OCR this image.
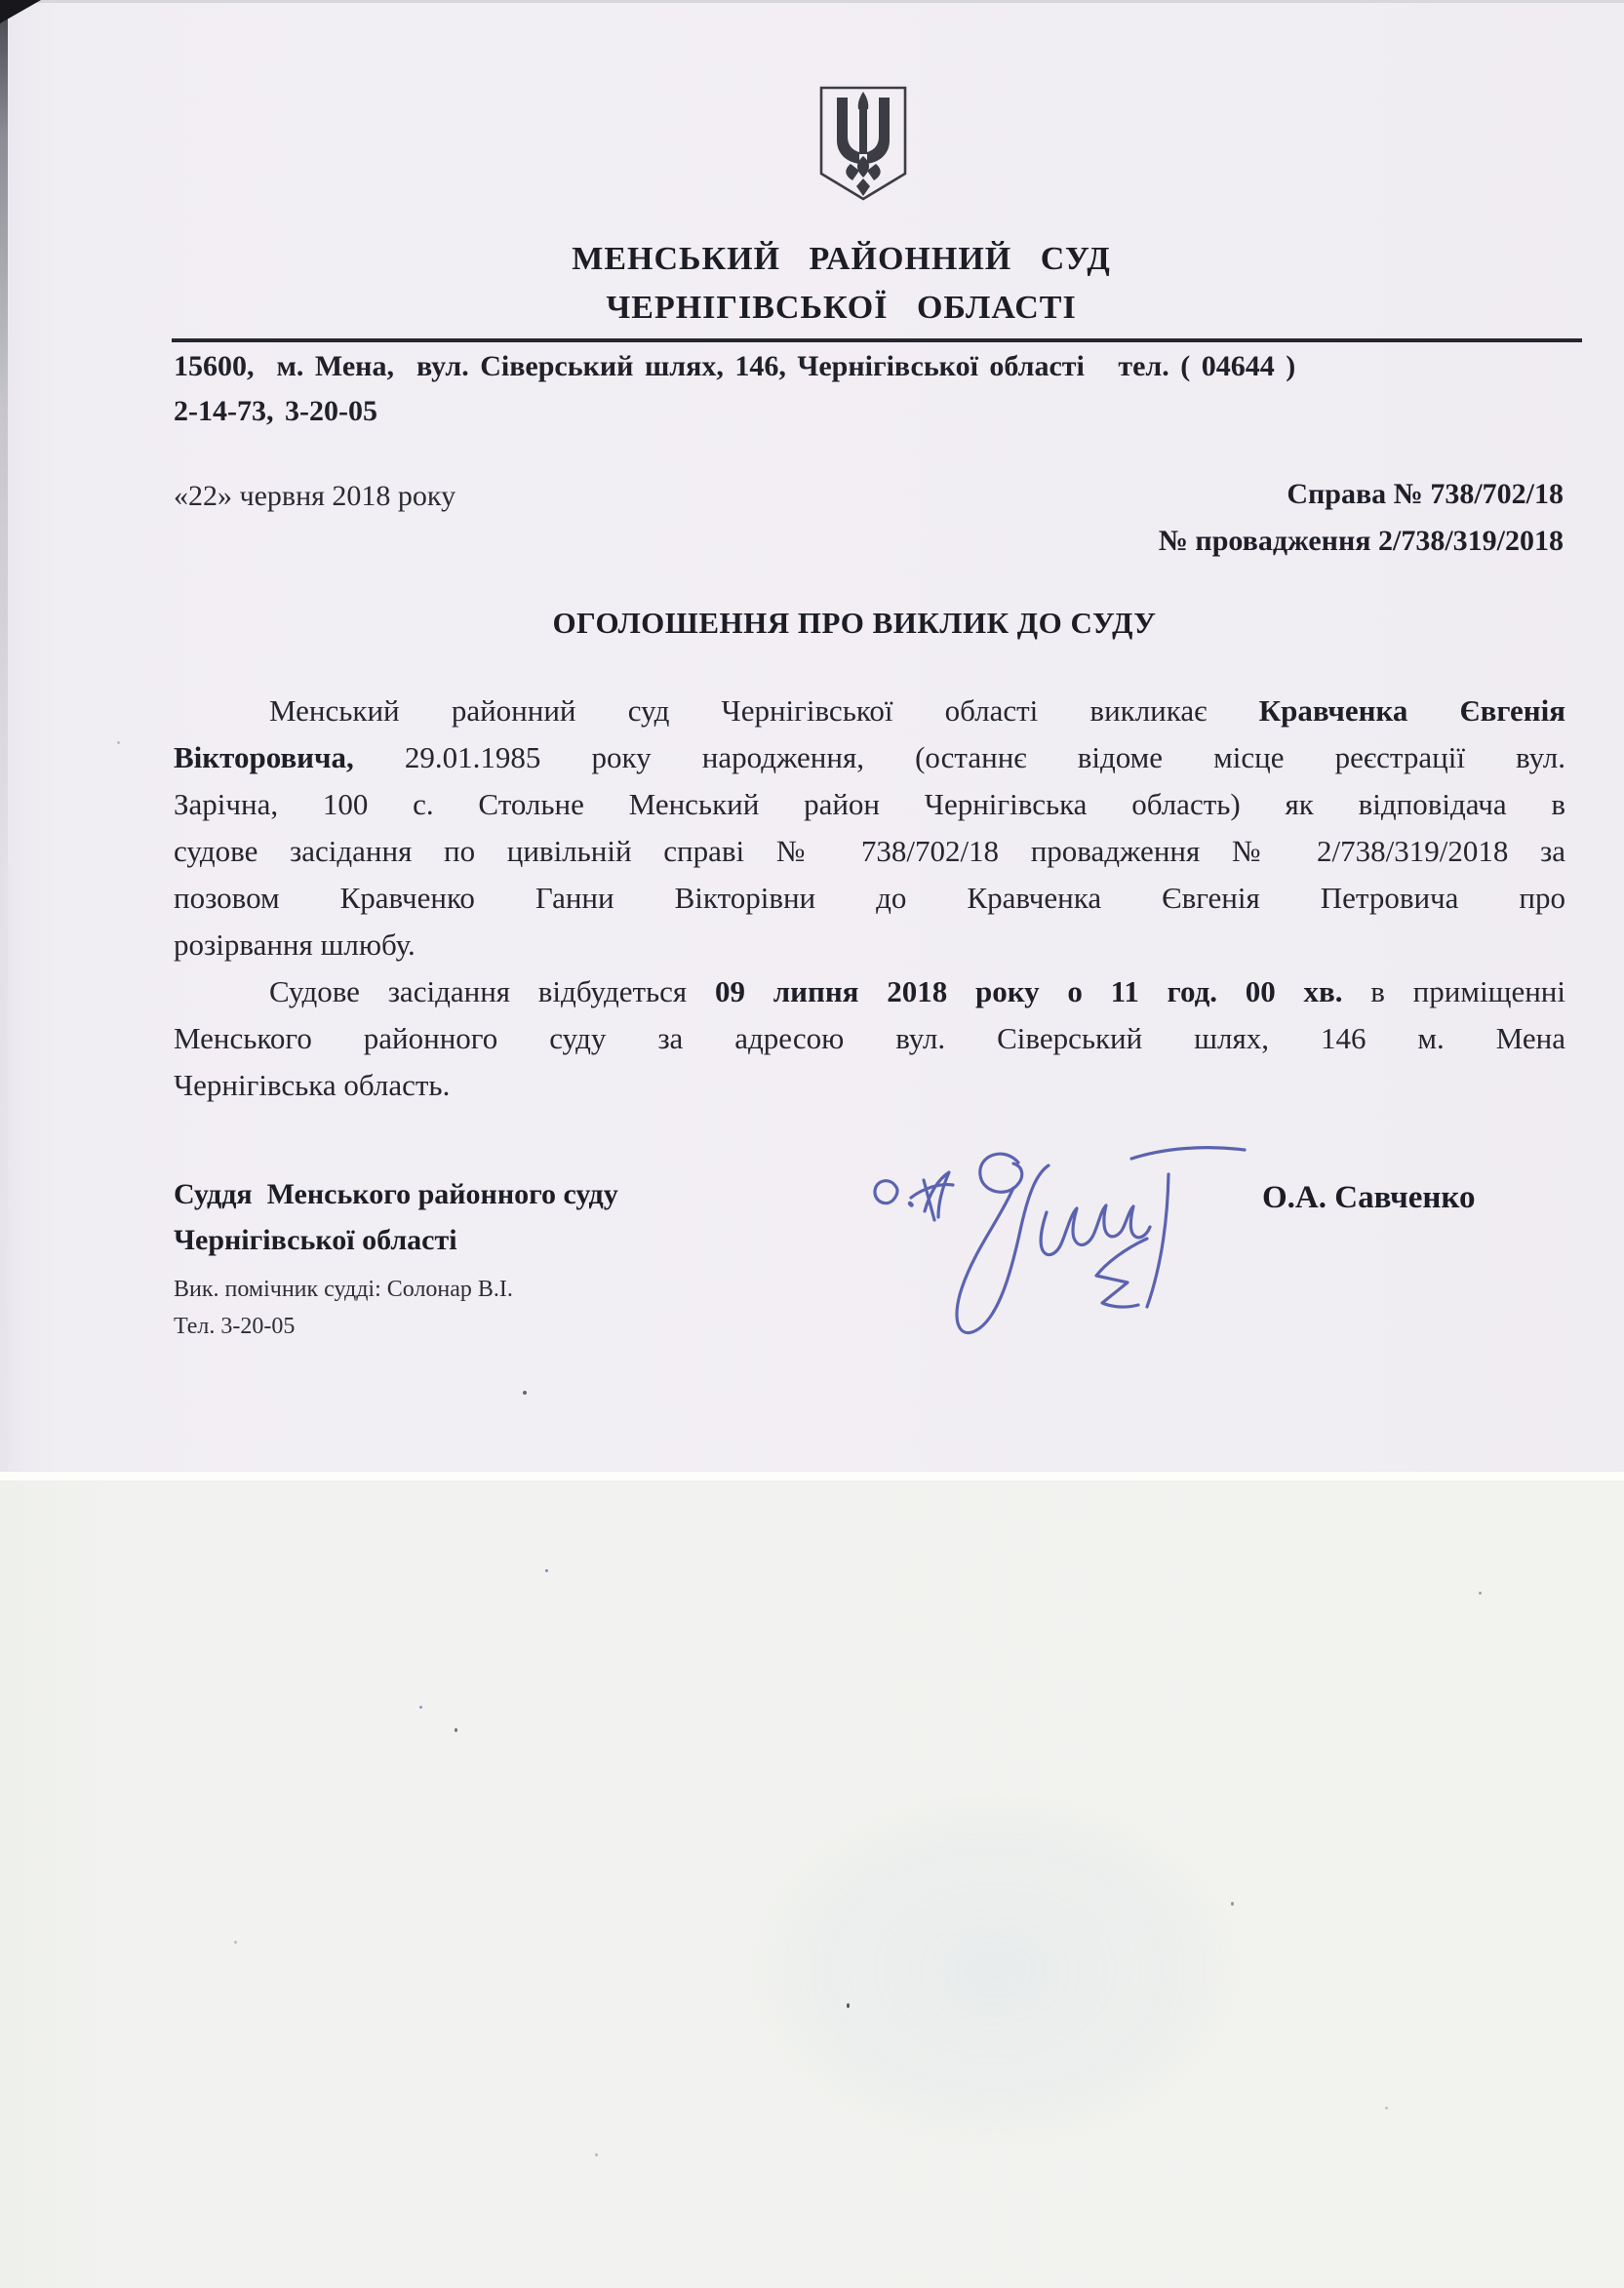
МЕНСЬКИЙ РАЙОННИЙ СУД
ЧЕРНІГІВСЬКОЇ ОБЛАСТІ
15600,  м. Мена,  вул. Сіверський шлях, 146, Чернігівської області   тел. ( 04644 )
2-14-73, 3-20-05
«22» червня 2018 року	Справа № 738/702/18
№ провадження 2/738/319/2018
ОГОЛОШЕННЯ ПРО ВИКЛИК ДО СУДУ
Менський районний суд Чернігівської області викликає Кравченка Євгенія
Вікторовича, 29.01.1985 року народження, (останнє відоме місце реєстрації вул.
Зарічна, 100 с. Стольне Менський район Чернігівська область) як відповідача в
судове засідання по цивільній справі № 738/702/18 провадження № 2/738/319/2018 за
позовом Кравченко Ганни Вікторівни до Кравченка Євгенія Петровича про
розірвання шлюбу.
Судове засідання відбудеться 09 липня 2018 року о 11 год. 00 хв. в приміщенні
Менського районного суду за адресою вул. Сіверський шлях, 146 м. Мена
Чернігівська область.
Суддя  Менського районного суду
Чернігівської області
Вик. помічник судді: Солонар В.І.
Тел. 3-20-05
О.А. Савченко
